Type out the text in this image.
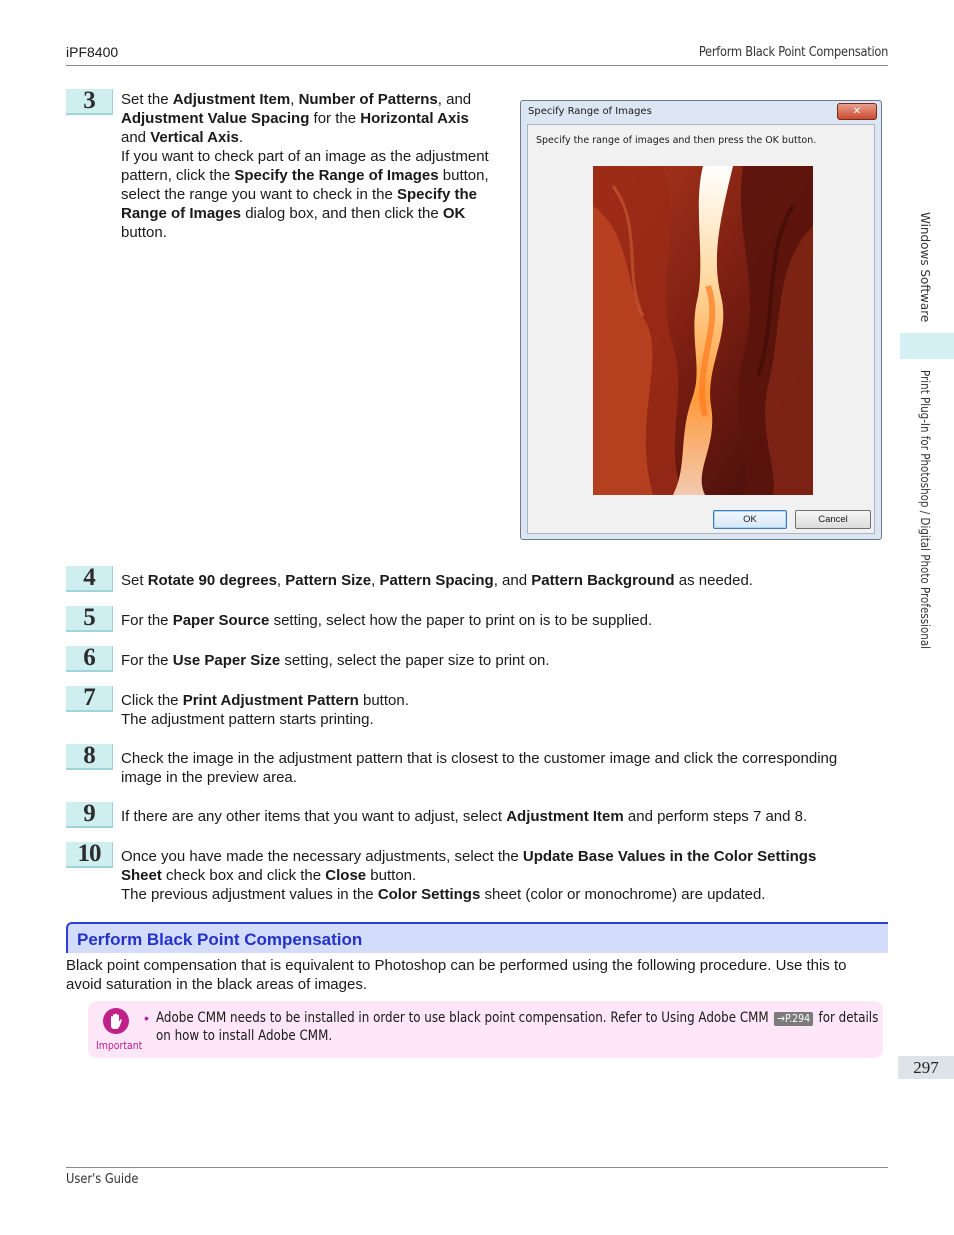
iPF8400	Perform Black Point Compensation
Windows Software
Print Plug-In for Photoshop / Digital Photo Professional
3	Set the Adjustment Item, Number of Patterns, and
Adjustment Value Spacing for the Horizontal Axis
and Vertical Axis.
If you want to check part of an image as the adjustment
pattern, click the Specify the Range of Images button,
select the range you want to check in the Specify the
Range of Images dialog box, and then click the OK
button.
Specify Range of Images	✕
Specify the range of images and then press the OK button.
OK	Cancel
4	Set Rotate 90 degrees, Pattern Size, Pattern Spacing, and Pattern Background as needed.
5	For the Paper Source setting, select how the paper to print on is to be supplied.
6	For the Use Paper Size setting, select the paper size to print on.
7	Click the Print Adjustment Pattern button.
The adjustment pattern starts printing.
8	Check the image in the adjustment pattern that is closest to the customer image and click the corresponding
image in the preview area.
9	If there are any other items that you want to adjust, select Adjustment Item and perform steps 7 and 8.
10	Once you have made the necessary adjustments, select the Update Base Values in the Color Settings
Sheet check box and click the Close button.
The previous adjustment values in the Color Settings sheet (color or monochrome) are updated.
Perform Black Point Compensation
Black point compensation that is equivalent to Photoshop can be performed using the following procedure. Use this to
avoid saturation in the black areas of images.
Important
• Adobe CMM needs to be installed in order to use black point compensation. Refer to Using Adobe CMM →P.294 for details
on how to install Adobe CMM.
297
User's Guide
